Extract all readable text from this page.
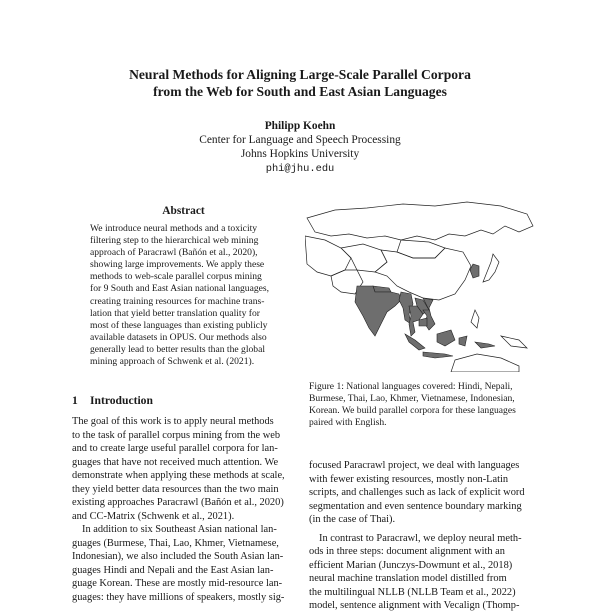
Neural Methods for Aligning Large-Scale Parallel Corpora
from the Web for South and East Asian Languages
Philipp Koehn
Center for Language and Speech Processing
Johns Hopkins University
phi@jhu.edu
Abstract
We introduce neural methods and a toxicity
filtering step to the hierarchical web mining
approach of Paracrawl (Bañón et al., 2020),
showing large improvements. We apply these
methods to web-scale parallel corpus mining
for 9 South and East Asian national languages,
creating training resources for machine trans-
lation that yield better translation quality for
most of these languages than existing publicly
available datasets in OPUS. Our methods also
generally lead to better results than the global
mining approach of Schwenk et al. (2021).
1 Introduction
The goal of this work is to apply neural methods
to the task of parallel corpus mining from the web
and to create large useful parallel corpora for lan-
guages that have not received much attention. We
demonstrate when applying these methods at scale,
they yield better data resources than the two main
existing approaches Paracrawl (Bañón et al., 2020)
and CC-Matrix (Schwenk et al., 2021).
In addition to six Southeast Asian national lan-
guages (Burmese, Thai, Lao, Khmer, Vietnamese,
Indonesian), we also included the South Asian lan-
guages Hindi and Nepali and the East Asian lan-
guage Korean. These are mostly mid-resource lan-
guages: they have millions of speakers, mostly sig-
Figure 1: National languages covered: Hindi, Nepali,
Burmese, Thai, Lao, Khmer, Vietnamese, Indonesian,
Korean. We build parallel corpora for these languages
paired with English.
focused Paracrawl project, we deal with languages
with fewer existing resources, mostly non-Latin
scripts, and challenges such as lack of explicit word
segmentation and even sentence boundary marking
(in the case of Thai).
In contrast to Paracrawl, we deploy neural meth-
ods in three steps: document alignment with an
efficient Marian (Junczys-Dowmunt et al., 2018)
neural machine translation model distilled from
the multilingual NLLB (NLLB Team et al., 2022)
model, sentence alignment with Vecalign (Thomp-
